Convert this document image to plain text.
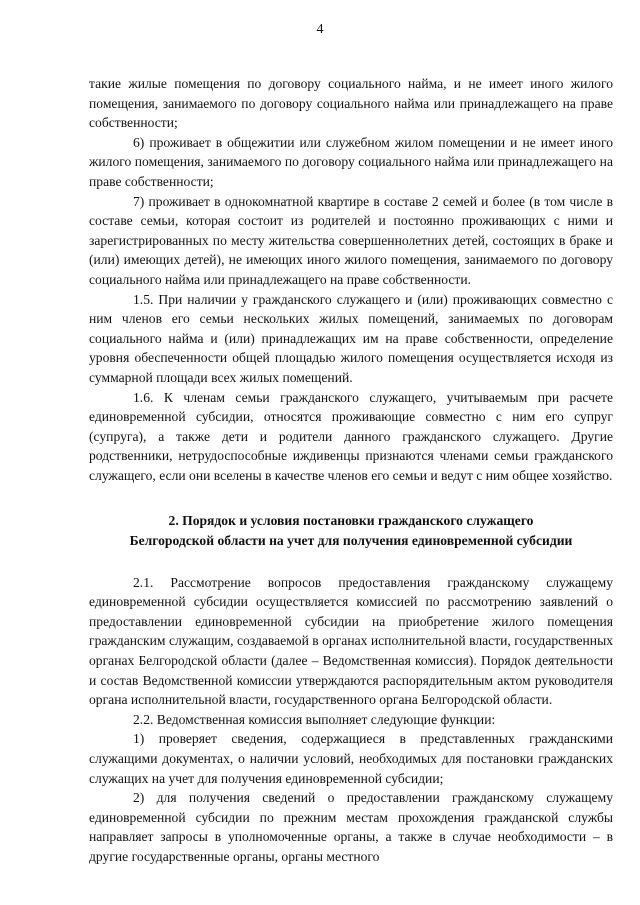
4

такие жилые помещения по договору социального найма, и не имеет иного жилого помещения, занимаемого по договору социального найма или принадлежащего на праве собственности;

6) проживает в общежитии или служебном жилом помещении и не имеет иного жилого помещения, занимаемого по договору социального найма или принадлежащего на праве собственности;

7) проживает в однокомнатной квартире в составе 2 семей и более (в том числе в составе семьи, которая состоит из родителей и постоянно проживающих с ними и зарегистрированных по месту жительства совершеннолетних детей, состоящих в браке и (или) имеющих детей), не имеющих иного жилого помещения, занимаемого по договору социального найма или принадлежащего на праве собственности.

1.5. При наличии у гражданского служащего и (или) проживающих совместно с ним членов его семьи нескольких жилых помещений, занимаемых по договорам социального найма и (или) принадлежащих им на праве собственности, определение уровня обеспеченности общей площадью жилого помещения осуществляется исходя из суммарной площади всех жилых помещений.

1.6. К членам семьи гражданского служащего, учитываемым при расчете единовременной субсидии, относятся проживающие совместно с ним его супруг (супруга), а также дети и родители данного гражданского служащего. Другие родственники, нетрудоспособные иждивенцы признаются членами семьи гражданского служащего, если они вселены в качестве членов его семьи и ведут с ним общее хозяйство.

2. Порядок и условия постановки гражданского служащего
Белгородской области на учет для получения единовременной субсидии

2.1. Рассмотрение вопросов предоставления гражданскому служащему единовременной субсидии осуществляется комиссией по рассмотрению заявлений о предоставлении единовременной субсидии на приобретение жилого помещения гражданским служащим, создаваемой в органах исполнительной власти, государственных органах Белгородской области (далее – Ведомственная комиссия). Порядок деятельности и состав Ведомственной комиссии утверждаются распорядительным актом руководителя органа исполнительной власти, государственного органа Белгородской области.

2.2. Ведомственная комиссия выполняет следующие функции:

1) проверяет сведения, содержащиеся в представленных гражданскими служащими документах, о наличии условий, необходимых для постановки гражданских служащих на учет для получения единовременной субсидии;

2) для получения сведений о предоставлении гражданскому служащему единовременной субсидии по прежним местам прохождения гражданской службы направляет запросы в уполномоченные органы, а также в случае необходимости – в другие государственные органы, органы местного
